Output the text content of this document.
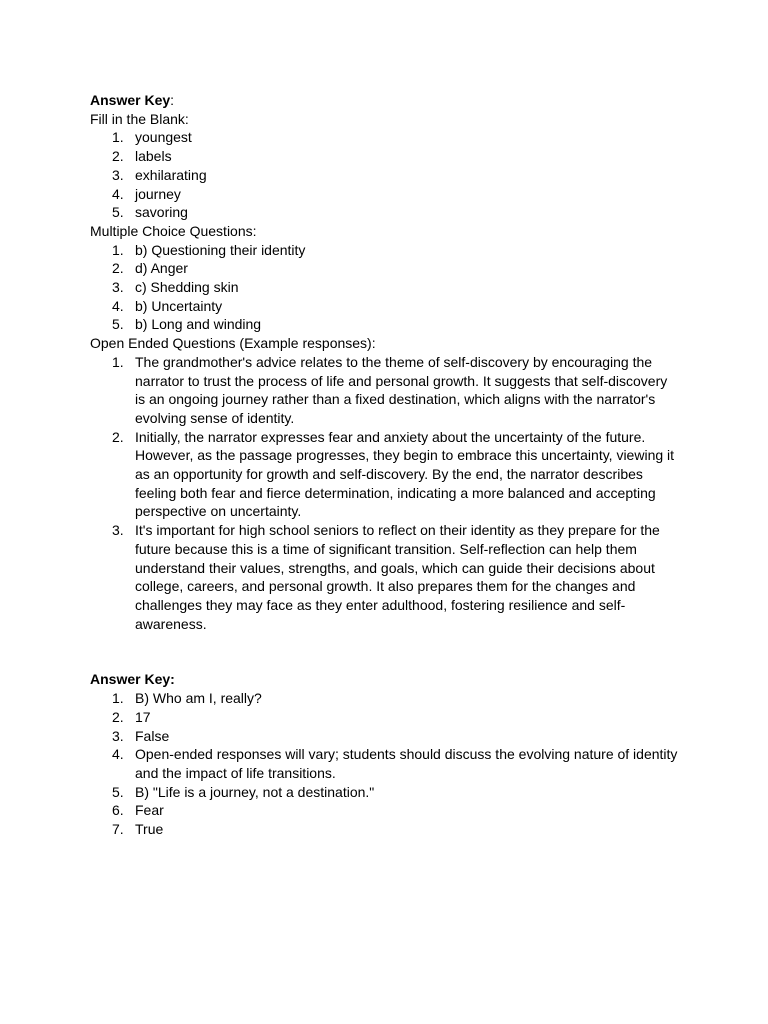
Answer Key:

Fill in the Blank:

1. youngest
2. labels
3. exhilarating
4. journey
5. savoring

Multiple Choice Questions:

1. b) Questioning their identity
2. d) Anger
3. c) Shedding skin
4. b) Uncertainty
5. b) Long and winding

Open Ended Questions (Example responses):

1. The grandmother's advice relates to the theme of self-discovery by encouraging the narrator to trust the process of life and personal growth. It suggests that self-discovery is an ongoing journey rather than a fixed destination, which aligns with the narrator's evolving sense of identity.
2. Initially, the narrator expresses fear and anxiety about the uncertainty of the future. However, as the passage progresses, they begin to embrace this uncertainty, viewing it as an opportunity for growth and self-discovery. By the end, the narrator describes feeling both fear and fierce determination, indicating a more balanced and accepting perspective on uncertainty.
3. It's important for high school seniors to reflect on their identity as they prepare for the future because this is a time of significant transition. Self-reflection can help them understand their values, strengths, and goals, which can guide their decisions about college, careers, and personal growth. It also prepares them for the changes and challenges they may face as they enter adulthood, fostering resilience and self-awareness.

Answer Key:

1. B) Who am I, really?
2. 17
3. False
4. Open-ended responses will vary; students should discuss the evolving nature of identity and the impact of life transitions.
5. B) "Life is a journey, not a destination."
6. Fear
7. True
